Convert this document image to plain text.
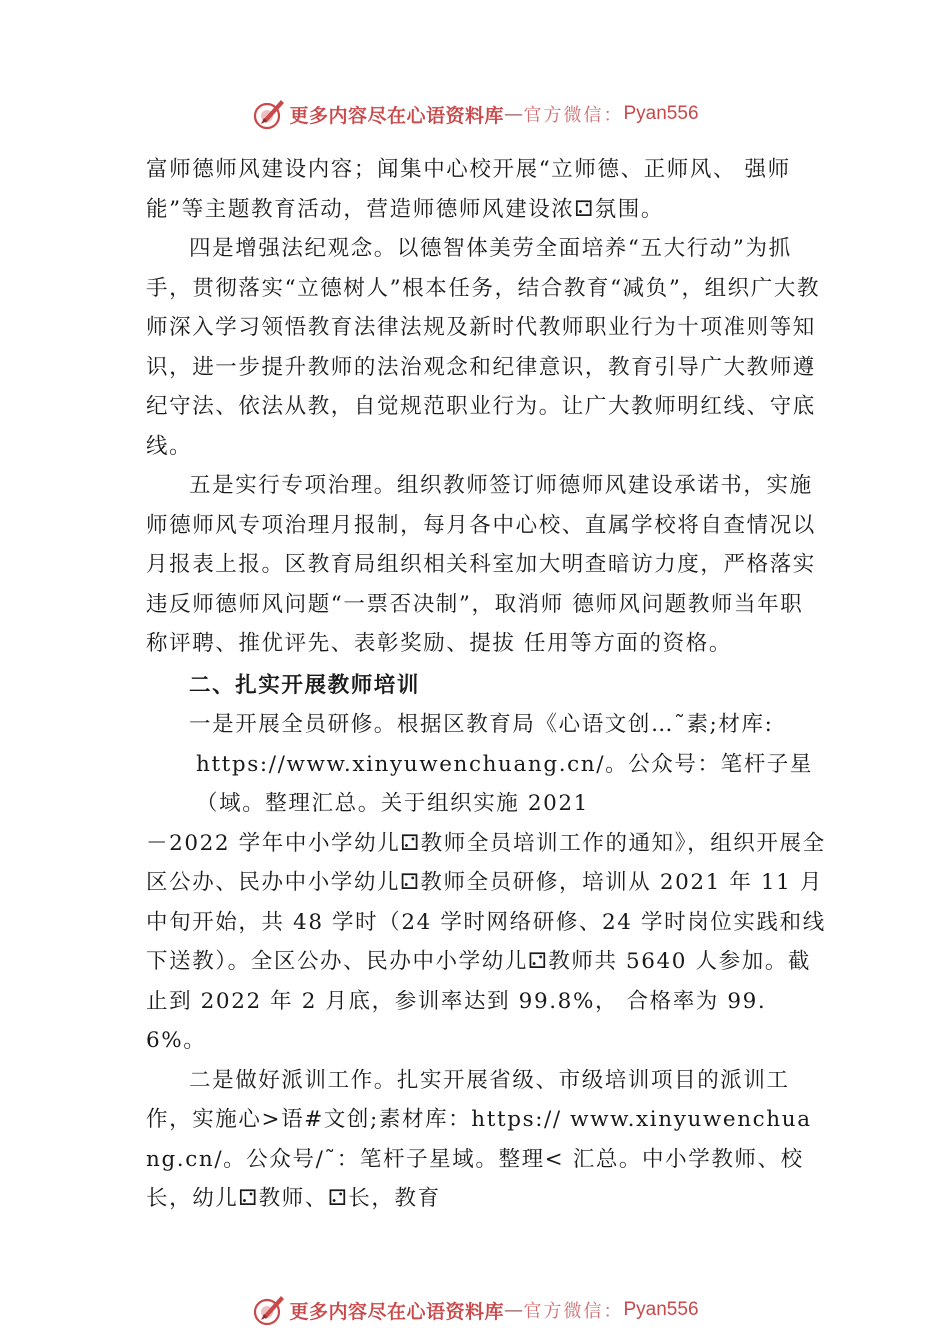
更多内容尽在心语资料库 — 官方微信： Pyan556

富师德师风建设内容；闻集中心校开展“立师德、正师风、 强师能”等主题教育活动，营造师德师风建设浓⚁氛围。

四是增强法纪观念。以德智体美劳全面培养“五大行动”为抓手，贯彻落实“立德树人”根本任务，结合教育“减负”，组织广大教师深入学习领悟教育法律法规及新时代教师职业行为十项准则等知识，进一步提升教师的法治观念和纪律意识，教育引导广大教师遵纪守法、依法从教，自觉规范职业行为。让广大教师明红线、守底线。

五是实行专项治理。组织教师签订师德师风建设承诺书，实施师德师风专项治理月报制，每月各中心校、直属学校将自查情况以月报表上报。区教育局组织相关科室加大明查暗访力度，严格落实违反师德师风问题“一票否决制”，取消师 德师风问题教师当年职称评聘、推优评先、表彰奖励、提拔 任用等方面的资格。

二、扎实开展教师培训

一是开展全员研修。根据区教育局《心语文创…˜素;材库:

https://www.xinyuwenchuang.cn/。公众号：笔杆子星

（域。整理汇总。关于组织实施 2021

－2022 学年中小学幼儿⚁教师全员培训工作的通知》，组织开展全区公办、民办中小学幼儿⚁教师全员研修，培训从 2021 年 11 月中旬开始，共 48 学时（24 学时网络研修、24 学时岗位实践和线下送教）。全区公办、民办中小学幼儿⚁教师共 5640 人参加。截止到 2022 年 2 月底，参训率达到 99.8%， 合格率为 99.6%。

二是做好派训工作。扎实开展省级、市级培训项目的派训工作，实施心>语#文创;素材库：https:// www.xinyuwenchuang.cn/。公众号/˜：笔杆子星域。整理< 汇总。中小学教师、校长，幼儿⚁教师、⚁长，教育

更多内容尽在心语资料库 — 官方微信： Pyan556
